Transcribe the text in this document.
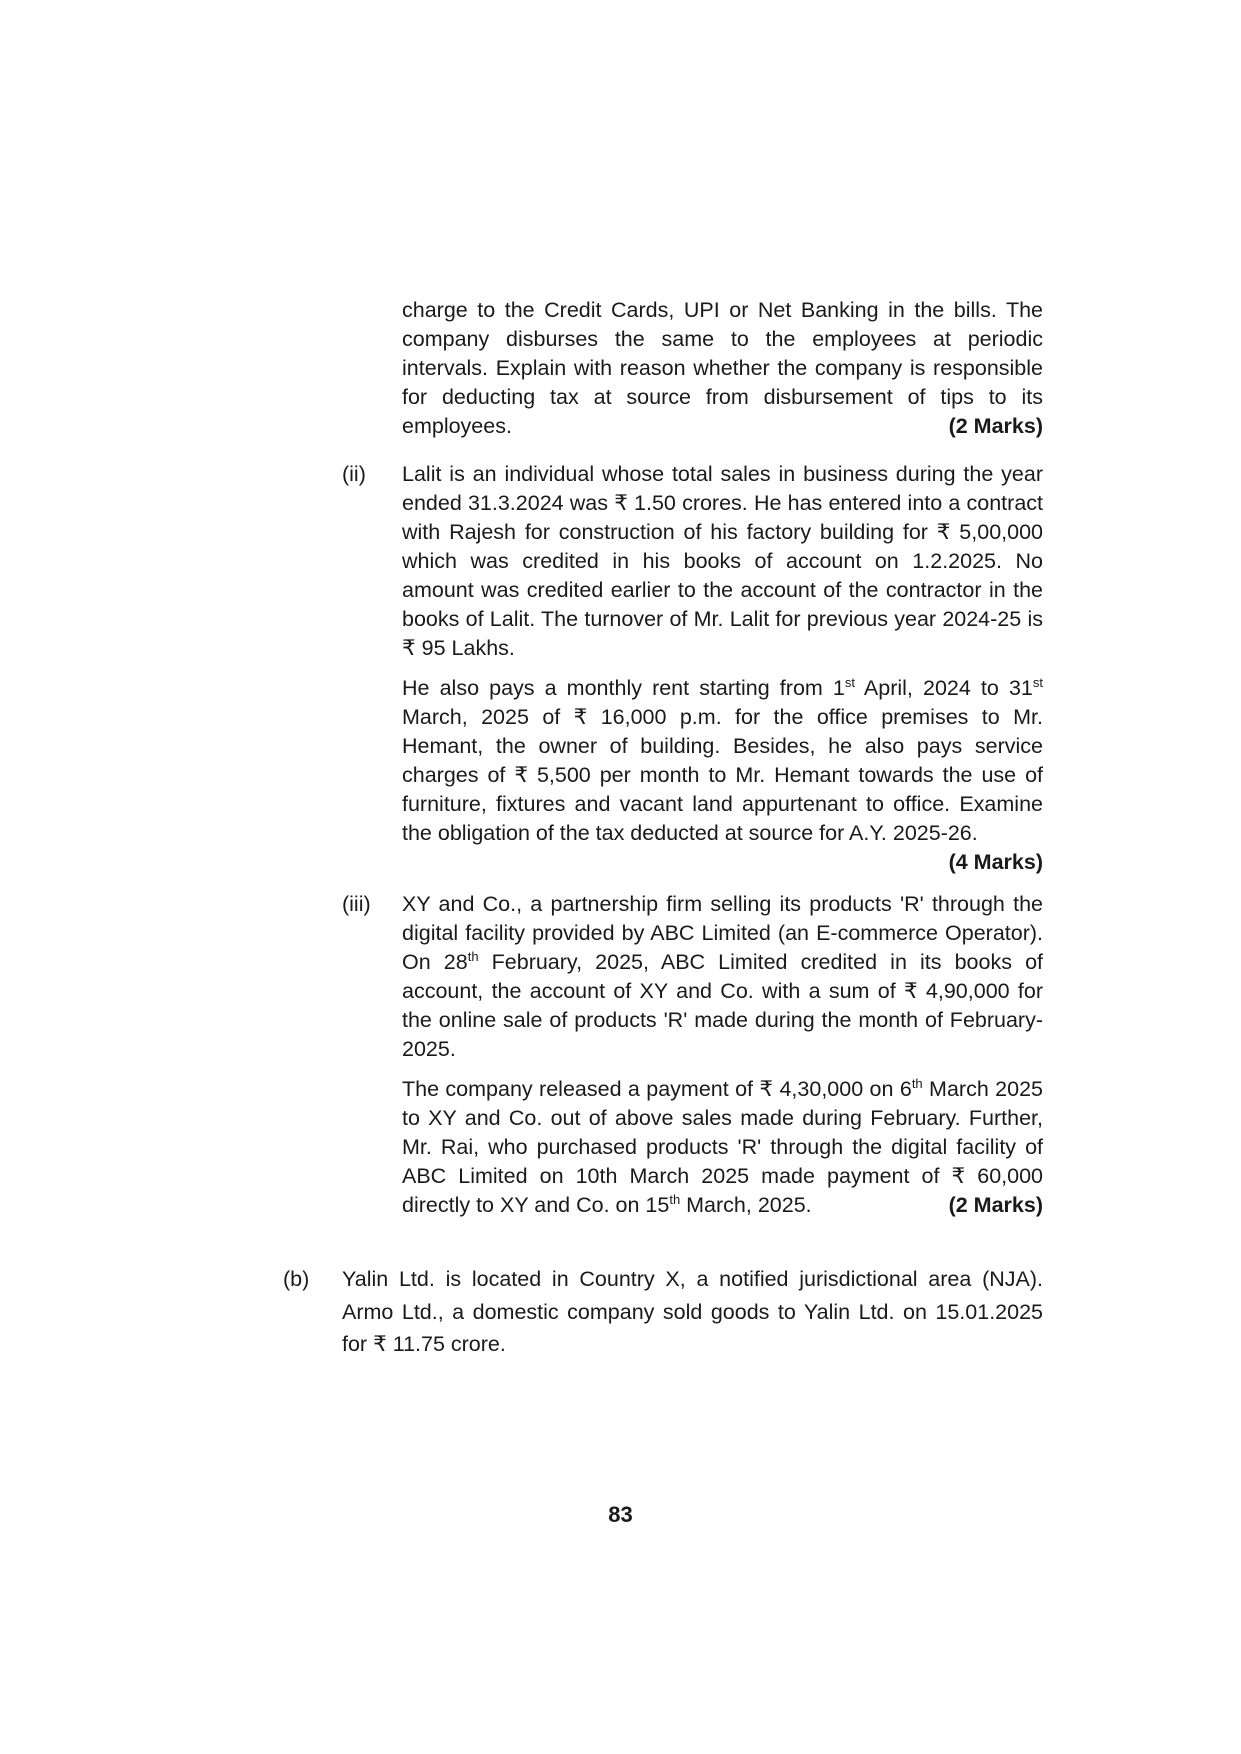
charge to the Credit Cards, UPI or Net Banking in the bills. The company disburses the same to the employees at periodic intervals. Explain with reason whether the company is responsible for deducting tax at source from disbursement of tips to its employees.	(2 Marks)

(ii) Lalit is an individual whose total sales in business during the year ended 31.3.2024 was ₹ 1.50 crores. He has entered into a contract with Rajesh for construction of his factory building for ₹ 5,00,000 which was credited in his books of account on 1.2.2025. No amount was credited earlier to the account of the contractor in the books of Lalit. The turnover of Mr. Lalit for previous year 2024-25 is ₹ 95 Lakhs.

He also pays a monthly rent starting from 1st April, 2024 to 31st March, 2025 of ₹ 16,000 p.m. for the office premises to Mr. Hemant, the owner of building. Besides, he also pays service charges of ₹ 5,500 per month to Mr. Hemant towards the use of furniture, fixtures and vacant land appurtenant to office. Examine the obligation of the tax deducted at source for A.Y. 2025-26.
(4 Marks)

(iii) XY and Co., a partnership firm selling its products 'R' through the digital facility provided by ABC Limited (an E-commerce Operator). On 28th February, 2025, ABC Limited credited in its books of account, the account of XY and Co. with a sum of ₹ 4,90,000 for the online sale of products 'R' made during the month of February-2025.

The company released a payment of ₹ 4,30,000 on 6th March 2025 to XY and Co. out of above sales made during February. Further, Mr. Rai, who purchased products 'R' through the digital facility of ABC Limited on 10th March 2025 made payment of ₹ 60,000 directly to XY and Co. on 15th March, 2025.	(2 Marks)

(b) Yalin Ltd. is located in Country X, a notified jurisdictional area (NJA). Armo Ltd., a domestic company sold goods to Yalin Ltd. on 15.01.2025 for ₹ 11.75 crore.

83
